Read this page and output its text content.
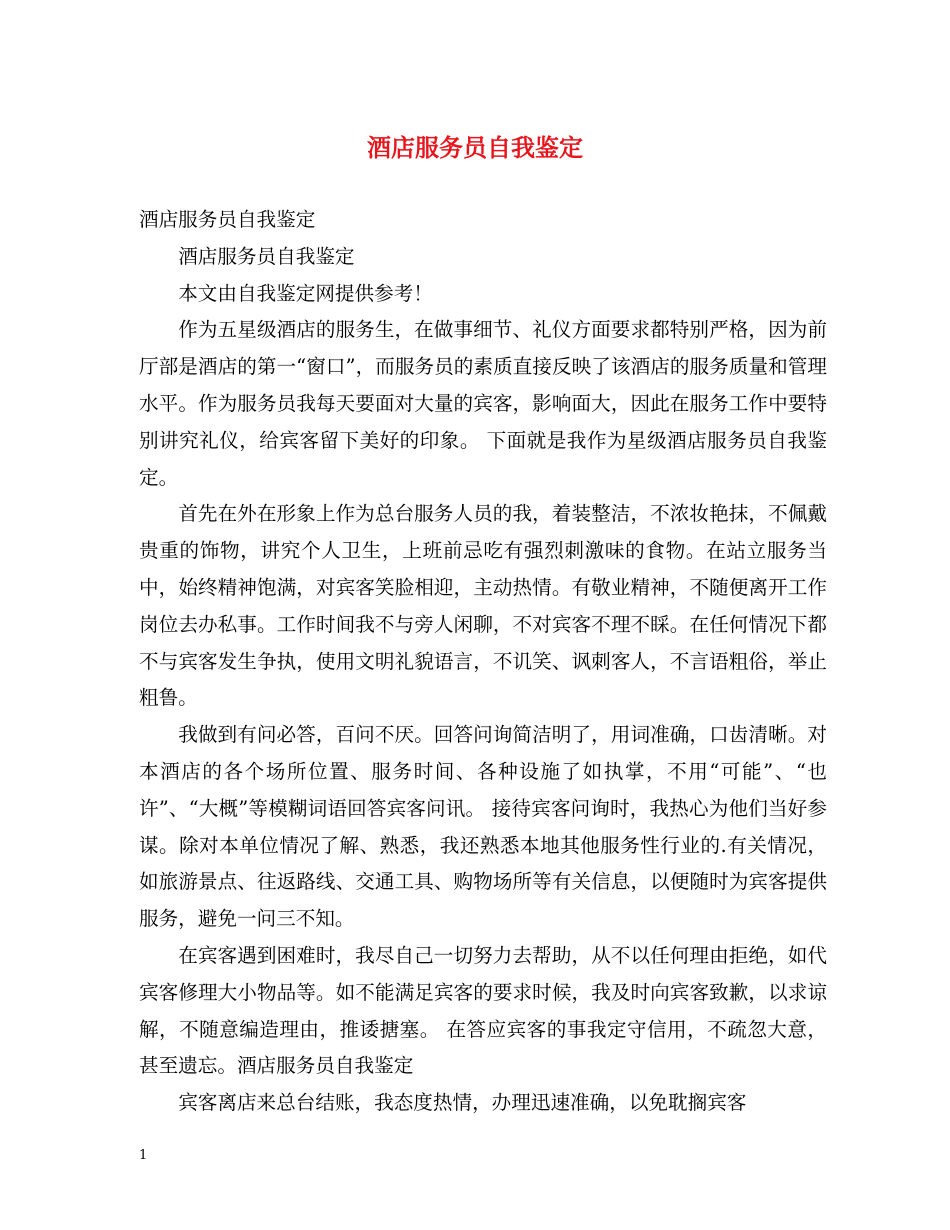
酒店服务员自我鉴定

酒店服务员自我鉴定

酒店服务员自我鉴定

本文由自我鉴定网提供参考！

作为五星级酒店的服务生，在做事细节、礼仪方面要求都特别严格，因为前厅部是酒店的第一“窗口”，而服务员的素质直接反映了该酒店的服务质量和管理水平。作为服务员我每天要面对大量的宾客，影响面大，因此在服务工作中要特别讲究礼仪，给宾客留下美好的印象。 下面就是我作为星级酒店服务员自我鉴定。

首先在外在形象上作为总台服务人员的我，着装整洁，不浓妆艳抹，不佩戴贵重的饰物，讲究个人卫生，上班前忌吃有强烈刺激味的食物。在站立服务当中，始终精神饱满，对宾客笑脸相迎，主动热情。有敬业精神，不随便离开工作岗位去办私事。工作时间我不与旁人闲聊，不对宾客不理不睬。在任何情况下都不与宾客发生争执，使用文明礼貌语言，不讥笑、讽刺客人，不言语粗俗，举止粗鲁。

我做到有问必答，百问不厌。回答问询简洁明了，用词准确，口齿清晰。对本酒店的各个场所位置、服务时间、各种设施了如执掌，不用“可能”、“也许”、“大概”等模糊词语回答宾客问讯。 接待宾客问询时，我热心为他们当好参谋。除对本单位情况了解、熟悉，我还熟悉本地其他服务性行业的.有关情况，如旅游景点、往返路线、交通工具、购物场所等有关信息，以便随时为宾客提供服务，避免一问三不知。

在宾客遇到困难时，我尽自己一切努力去帮助，从不以任何理由拒绝，如代宾客修理大小物品等。如不能满足宾客的要求时候，我及时向宾客致歉，以求谅解，不随意编造理由，推诿搪塞。 在答应宾客的事我定守信用，不疏忽大意，甚至遗忘。酒店服务员自我鉴定

宾客离店来总台结账，我态度热情，办理迅速准确，以免耽搁宾客

1
